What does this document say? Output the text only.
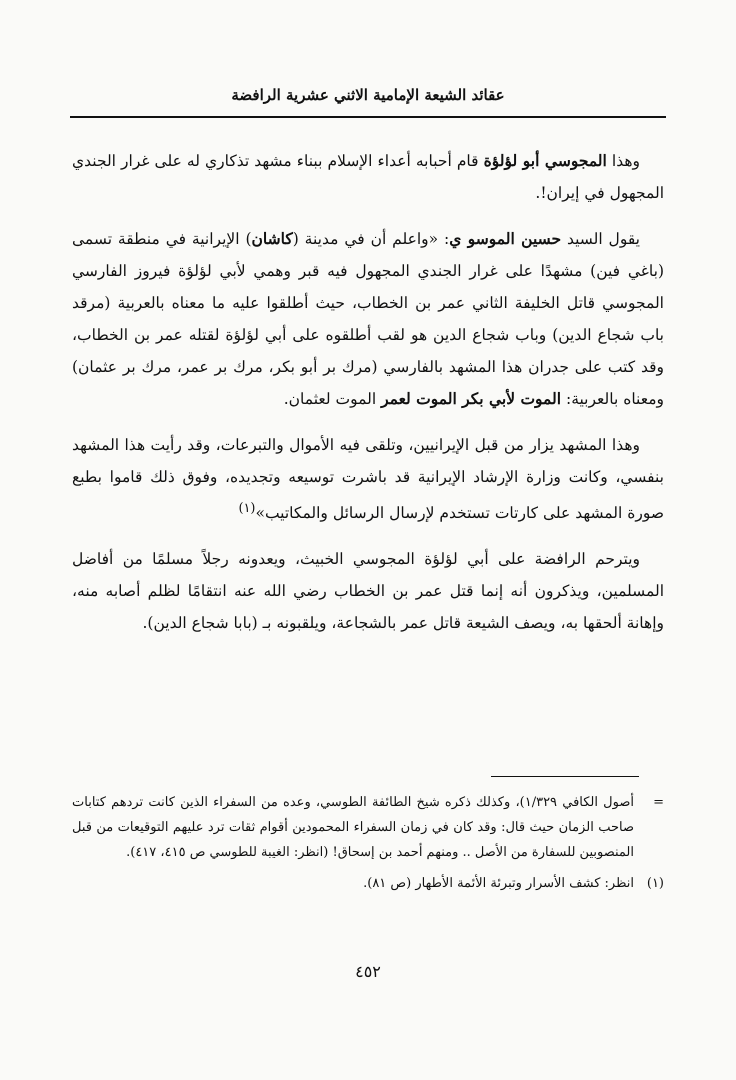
عقائد الشيعة الإمامية الاثني عشرية الرافضة

وهذا المجوسي أبو لؤلؤة قام أحبابه أعداء الإسلام ببناء مشهد تذكاري له على غرار الجندي المجهول في إيران!.

يقول السيد حسين الموسو ي: «واعلم أن في مدينة (كاشان) الإيرانية في منطقة تسمى (باغي فين) مشهدًا على غرار الجندي المجهول فيه قبر وهمي لأبي لؤلؤة فيروز الفارسي المجوسي قاتل الخليفة الثاني عمر بن الخطاب، حيث أطلقوا عليه ما معناه بالعربية (مرقد باب شجاع الدين) وباب شجاع الدين هو لقب أطلقوه على أبي لؤلؤة لقتله عمر بن الخطاب، وقد كتب على جدران هذا المشهد بالفارسي (مرك بر أبو بكر، مرك بر عمر، مرك بر عثمان) ومعناه بالعربية: الموت لأبي بكر الموت لعمر الموت لعثمان.

وهذا المشهد يزار من قبل الإيرانيين، وتلقى فيه الأموال والتبرعات، وقد رأيت هذا المشهد بنفسي، وكانت وزارة الإرشاد الإيرانية قد باشرت توسيعه وتجديده، وفوق ذلك قاموا بطبع صورة المشهد على كارتات تستخدم لإرسال الرسائل والمكاتيب»$^{(١)}$

ويترحم الرافضة على أبي لؤلؤة المجوسي الخبيث، ويعدونه رجلاً مسلمًا من أفاضل المسلمين، ويذكرون أنه إنما قتل عمر بن الخطاب رضي الله عنه انتقامًا لظلم أصابه منه، وإهانة ألحقها به، ويصف الشيعة قاتل عمر بالشجاعة، ويلقبونه بـ (بابا شجاع الدين).

=
أصول الكافي ١/٣٢٩)، وكذلك ذكره شيخ الطائفة الطوسي، وعده من السفراء الذين كانت تردهم كتابات صاحب الزمان حيث قال: وقد كان في زمان السفراء المحمودين أقوام ثقات ترد عليهم التوقيعات من قبل المنصوبين للسفارة من الأصل .. ومنهم أحمد بن إسحاق! (انظر: الغيبة للطوسي ص ٤١٥، ٤١٧).
(١)
انظر: كشف الأسرار وتبرئة الأئمة الأطهار (ص ٨١).
٤٥٢
